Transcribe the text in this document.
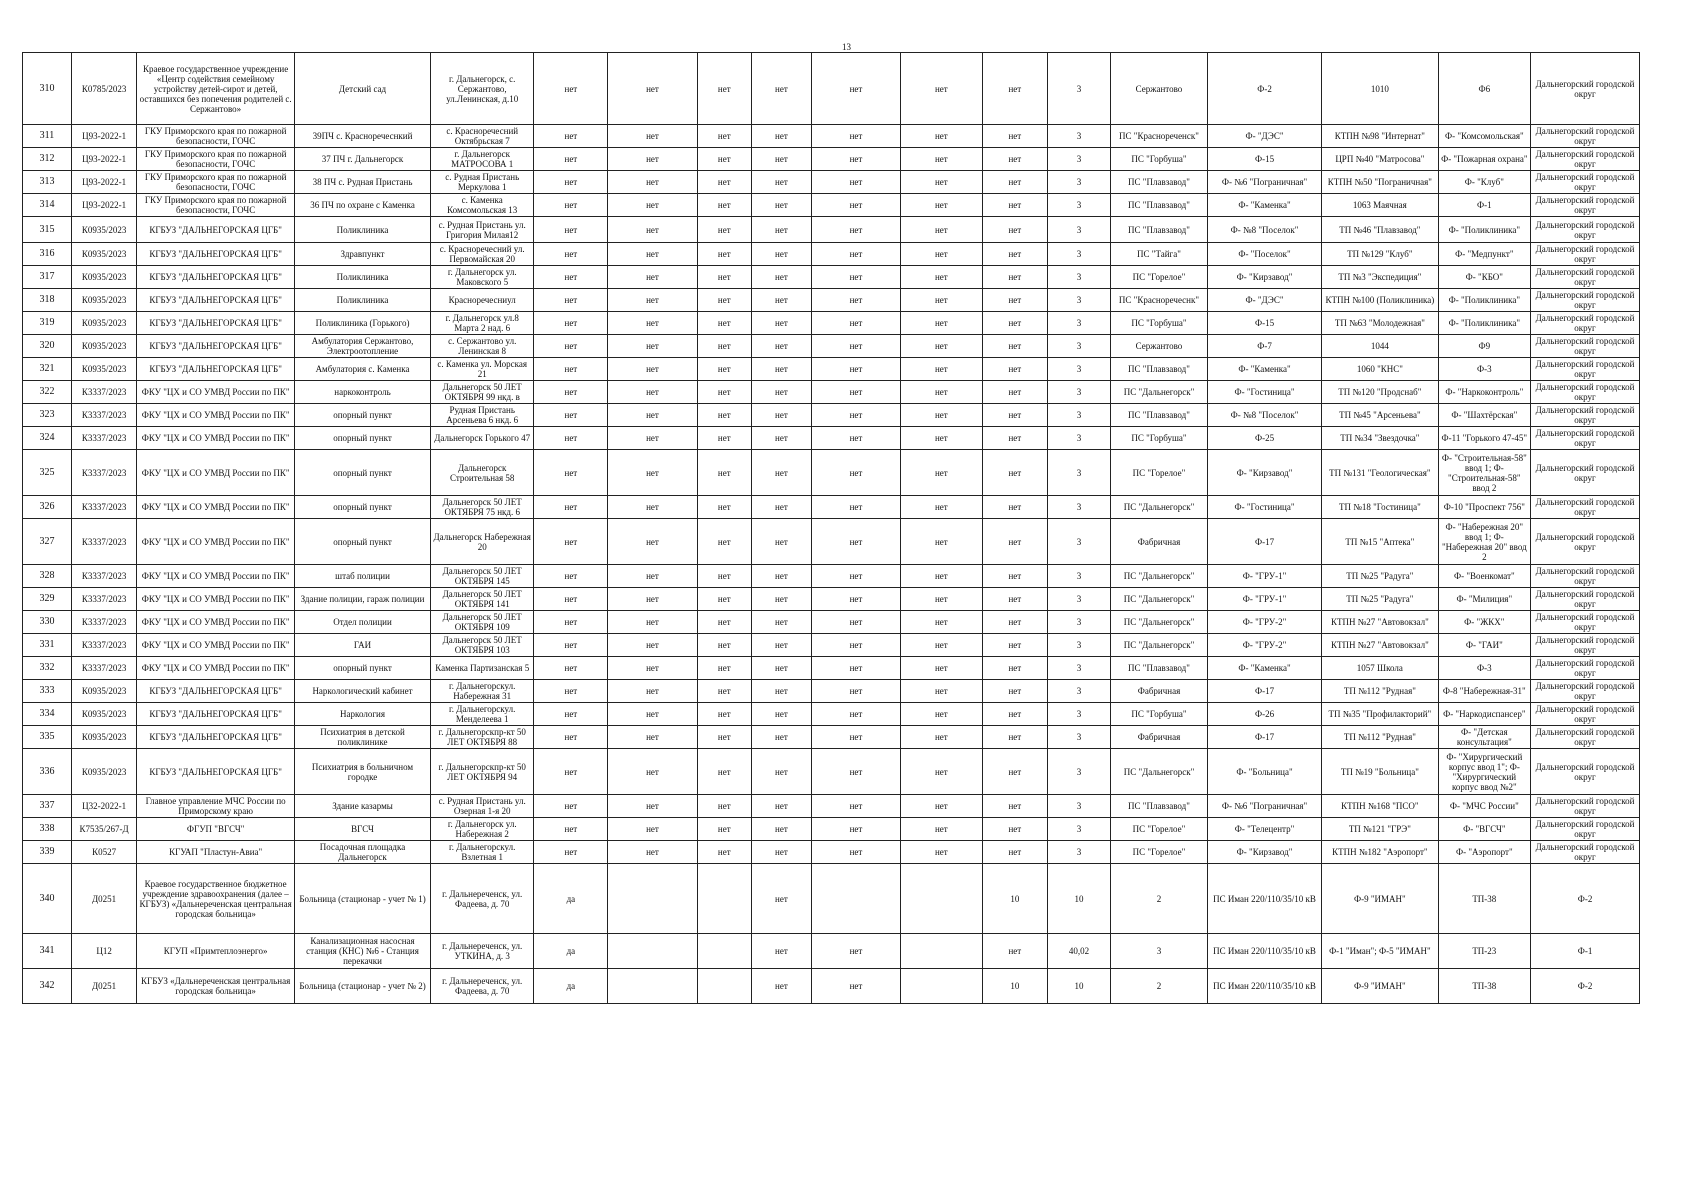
13
310	К0785/2023	Краевое государственное учреждение «Центр содействия семейному устройству детей-сирот и детей, оставшихся без попечения родителей с. Сержантово»	Детский сад	г. Дальнегорск, с. Сержантово, ул.Ленинская, д.10	нет	нет	нет	нет	нет	нет	нет	3	Сержантово	Ф-2	1010	Ф6	Дальнегорский городской округ
311	Ц93-2022-1	ГКУ Приморского края по пожарной безопасности, ГОЧС	39ПЧ с. Красноречеснкий	с. Красноречесний Октябрьская 7	нет	нет	нет	нет	нет	нет	нет	3	ПС "Краснореченск"	Ф- "ДЭС"	КТПН №98 "Интернат"	Ф- "Комсомольская"	Дальнегорский городской округ
312	Ц93-2022-1	ГКУ Приморского края по пожарной безопасности, ГОЧС	37 ПЧ г. Дальнегорск	г. Дальнегорск МАТРОСОВА 1	нет	нет	нет	нет	нет	нет	нет	3	ПС "Горбуша"	Ф-15	ЦРП №40 "Матросова"	Ф- "Пожарная охрана"	Дальнегорский городской округ
313	Ц93-2022-1	ГКУ Приморского края по пожарной безопасности, ГОЧС	38 ПЧ с. Рудная Пристань	с. Рудная Пристань Меркулова 1	нет	нет	нет	нет	нет	нет	нет	3	ПС "Плавзавод"	Ф- №6 "Пограничная"	КТПН №50 "Пограничная"	Ф- "Клуб"	Дальнегорский городской округ
314	Ц93-2022-1	ГКУ Приморского края по пожарной безопасности, ГОЧС	36 ПЧ по охране с Каменка	с. Каменка Комсомольская 13	нет	нет	нет	нет	нет	нет	нет	3	ПС "Плавзавод"	Ф- "Каменка"	1063 Маячная	Ф-1	Дальнегорский городской округ
315	К0935/2023	КГБУЗ "ДАЛЬНЕГОРСКАЯ ЦГБ"	Поликлиника	с. Рудная Пристань ул. Григория Милая12	нет	нет	нет	нет	нет	нет	нет	3	ПС "Плавзавод"	Ф- №8 "Поселок"	ТП №46 "Плавзавод"	Ф- "Поликлиника"	Дальнегорский городской округ
316	К0935/2023	КГБУЗ "ДАЛЬНЕГОРСКАЯ ЦГБ"	Здравпункт	с. Красноречесний ул. Первомайская 20	нет	нет	нет	нет	нет	нет	нет	3	ПС "Тайга"	Ф- "Поселок"	ТП №129 "Клуб"	Ф- "Медпункт"	Дальнегорский городской округ
317	К0935/2023	КГБУЗ "ДАЛЬНЕГОРСКАЯ ЦГБ"	Поликлиника	г. Дальнегорск ул. Маковского 5	нет	нет	нет	нет	нет	нет	нет	3	ПС "Горелое"	Ф- "Кирзавод"	ТП №3 "Экспедиция"	Ф- "КБО"	Дальнегорский городской округ
318	К0935/2023	КГБУЗ "ДАЛЬНЕГОРСКАЯ ЦГБ"	Поликлиника	Красноречесниул	нет	нет	нет	нет	нет	нет	нет	3	ПС "Красноречеснк"	Ф- "ДЭС"	КТПН №100 (Поликлиника)	Ф- "Поликлиника"	Дальнегорский городской округ
319	К0935/2023	КГБУЗ "ДАЛЬНЕГОРСКАЯ ЦГБ"	Поликлиника (Горького)	г. Дальнегорск ул.8 Марта 2 над. 6	нет	нет	нет	нет	нет	нет	нет	3	ПС "Горбуша"	Ф-15	ТП №63 "Молодежная"	Ф- "Поликлиника"	Дальнегорский городской округ
320	К0935/2023	КГБУЗ "ДАЛЬНЕГОРСКАЯ ЦГБ"	Амбулатория Сержантово, Электроотопление	с. Сержантово ул. Ленинская 8	нет	нет	нет	нет	нет	нет	нет	3	Сержантово	Ф-7	1044	Ф9	Дальнегорский городской округ
321	К0935/2023	КГБУЗ "ДАЛЬНЕГОРСКАЯ ЦГБ"	Амбулатория с. Каменка	с. Каменка ул. Морская 21	нет	нет	нет	нет	нет	нет	нет	3	ПС "Плавзавод"	Ф- "Каменка"	1060 "КНС"	Ф-3	Дальнегорский городской округ
322	К3337/2023	ФКУ "ЦХ и СО УМВД России по ПК"	наркоконтроль	Дальнегорск 50 ЛЕТ ОКТЯБРЯ 99 нкд. в	нет	нет	нет	нет	нет	нет	нет	3	ПС "Дальнегорск"	Ф- "Гостиница"	ТП №120 "Продснаб"	Ф- "Наркоконтроль"	Дальнегорский городской округ
323	К3337/2023	ФКУ "ЦХ и СО УМВД России по ПК"	опорный пункт	Рудная Пристань Арсеньева 6 нкд. 6	нет	нет	нет	нет	нет	нет	нет	3	ПС "Плавзавод"	Ф- №8 "Поселок"	ТП №45 "Арсеньева"	Ф- "Шахтёрская"	Дальнегорский городской округ
324	К3337/2023	ФКУ "ЦХ и СО УМВД России по ПК"	опорный пункт	Дальнегорск Горького 47	нет	нет	нет	нет	нет	нет	нет	3	ПС "Горбуша"	Ф-25	ТП №34 "Звездочка"	Ф-11 "Горького 47-45"	Дальнегорский городской округ
325	К3337/2023	ФКУ "ЦХ и СО УМВД России по ПК"	опорный пункт	Дальнегорск Строительная 58	нет	нет	нет	нет	нет	нет	нет	3	ПС "Горелое"	Ф- "Кирзавод"	ТП №131 "Геологическая"	Ф- "Строительная-58" ввод 1; Ф- "Строительная-58" ввод 2	Дальнегорский городской округ
326	К3337/2023	ФКУ "ЦХ и СО УМВД России по ПК"	опорный пункт	Дальнегорск 50 ЛЕТ ОКТЯБРЯ 75 нкд. 6	нет	нет	нет	нет	нет	нет	нет	3	ПС "Дальнегорск"	Ф- "Гостиница"	ТП №18 "Гостиница"	Ф-10 "Проспект 756"	Дальнегорский городской округ
327	К3337/2023	ФКУ "ЦХ и СО УМВД России по ПК"	опорный пункт	Дальнегорск Набережная 20	нет	нет	нет	нет	нет	нет	нет	3	Фабричная	Ф-17	ТП №15 "Аптека"	Ф- "Набережная 20" ввод 1; Ф- "Набережная 20" ввод 2	Дальнегорский городской округ
328	К3337/2023	ФКУ "ЦХ и СО УМВД России по ПК"	штаб полиции	Дальнегорск 50 ЛЕТ ОКТЯБРЯ 145	нет	нет	нет	нет	нет	нет	нет	3	ПС "Дальнегорск"	Ф- "ГРУ-1"	ТП №25 "Радуга"	Ф- "Военкомат"	Дальнегорский городской округ
329	К3337/2023	ФКУ "ЦХ и СО УМВД России по ПК"	Здание полиции, гараж полиции	Дальнегорск 50 ЛЕТ ОКТЯБРЯ 141	нет	нет	нет	нет	нет	нет	нет	3	ПС "Дальнегорск"	Ф- "ГРУ-1"	ТП №25 "Радуга"	Ф- "Милиция"	Дальнегорский городской округ
330	К3337/2023	ФКУ "ЦХ и СО УМВД России по ПК"	Отдел полиции	Дальнегорск 50 ЛЕТ ОКТЯБРЯ 109	нет	нет	нет	нет	нет	нет	нет	3	ПС "Дальнегорск"	Ф- "ГРУ-2"	КТПН №27 "Автовокзал"	Ф- "ЖКХ"	Дальнегорский городской округ
331	К3337/2023	ФКУ "ЦХ и СО УМВД России по ПК"	ГАИ	Дальнегорск 50 ЛЕТ ОКТЯБРЯ 103	нет	нет	нет	нет	нет	нет	нет	3	ПС "Дальнегорск"	Ф- "ГРУ-2"	КТПН №27 "Автовокзал"	Ф- "ГАИ"	Дальнегорский городской округ
332	К3337/2023	ФКУ "ЦХ и СО УМВД России по ПК"	опорный пункт	Каменка Партизанская 5	нет	нет	нет	нет	нет	нет	нет	3	ПС "Плавзавод"	Ф- "Каменка"	1057 Школа	Ф-3	Дальнегорский городской округ
333	К0935/2023	КГБУЗ "ДАЛЬНЕГОРСКАЯ ЦГБ"	Наркологический кабинет	г. Дальнегорскул. Набережная 31	нет	нет	нет	нет	нет	нет	нет	3	Фабричная	Ф-17	ТП №112 "Рудная"	Ф-8 "Набережная-31"	Дальнегорский городской округ
334	К0935/2023	КГБУЗ "ДАЛЬНЕГОРСКАЯ ЦГБ"	Наркология	г. Дальнегорскул. Менделеева 1	нет	нет	нет	нет	нет	нет	нет	3	ПС "Горбуша"	Ф-26	ТП №35 "Профилакторий"	Ф- "Наркодиспансер"	Дальнегорский городской округ
335	К0935/2023	КГБУЗ "ДАЛЬНЕГОРСКАЯ ЦГБ"	Психиатрия в детской поликлинике	г. Дальнегорскпр-кт 50 ЛЕТ ОКТЯБРЯ 88	нет	нет	нет	нет	нет	нет	нет	3	Фабричная	Ф-17	ТП №112 "Рудная"	Ф- "Детская консультация"	Дальнегорский городской округ
336	К0935/2023	КГБУЗ "ДАЛЬНЕГОРСКАЯ ЦГБ"	Психиатрия в больничном городке	г. Дальнегорскпр-кт 50 ЛЕТ ОКТЯБРЯ 94	нет	нет	нет	нет	нет	нет	нет	3	ПС "Дальнегорск"	Ф- "Больница"	ТП №19 "Больница"	Ф- "Хирургический корпус ввод 1"; Ф- "Хирургический корпус ввод №2"	Дальнегорский городской округ
337	Ц32-2022-1	Главное управление МЧС России по Приморскому краю	Здание казармы	с. Рудная Пристань ул. Озерная 1-я 20	нет	нет	нет	нет	нет	нет	нет	3	ПС "Плавзавод"	Ф- №6 "Пограничная"	КТПН №168 "ПСО"	Ф- "МЧС России"	Дальнегорский городской округ
338	К7535/267-Д	ФГУП "ВГСЧ"	ВГСЧ	г. Дальнегорск ул. Набережная 2	нет	нет	нет	нет	нет	нет	нет	3	ПС "Горелое"	Ф- "Телецентр"	ТП №121 "ГРЭ"	Ф- "ВГСЧ"	Дальнегорский городской округ
339	К0527	КГУАП "Пластун-Авиа"	Посадочная площадка Дальнегорск	г. Дальнегорскул. Взлетная 1	нет	нет	нет	нет	нет	нет	нет	3	ПС "Горелое"	Ф- "Кирзавод"	КТПН №182 "Аэропорт"	Ф- "Аэропорт"	Дальнегорский городской округ
340	Д0251	Краевое государственное бюджетное учреждение здравоохранения (далее – КГБУЗ) «Дальнереченская центральная городская больница»	Больница (стационар - учет № 1)	г. Дальнереченск, ул. Фадеева, д. 70	да			нет			10	10	2	ПС Иман 220/110/35/10 кВ	Ф-9 "ИМАН"	ТП-38	Ф-2
341	Ц12	КГУП «Примтеплоэнерго»	Канализационная насосная станция (КНС) №6 - Станция перекачки	г. Дальнереченск, ул. УТКИНА, д. 3	да			нет	нет		нет	40,02	3	ПС Иман 220/110/35/10 кВ	Ф-1 "Иман"; Ф-5 "ИМАН"	ТП-23	Ф-1
342	Д0251	КГБУЗ «Дальнереченская центральная городская больница»	Больница (стационар - учет № 2)	г. Дальнереченск, ул. Фадеева, д. 70	да			нет	нет		10	10	2	ПС Иман 220/110/35/10 кВ	Ф-9 "ИМАН"	ТП-38	Ф-2
